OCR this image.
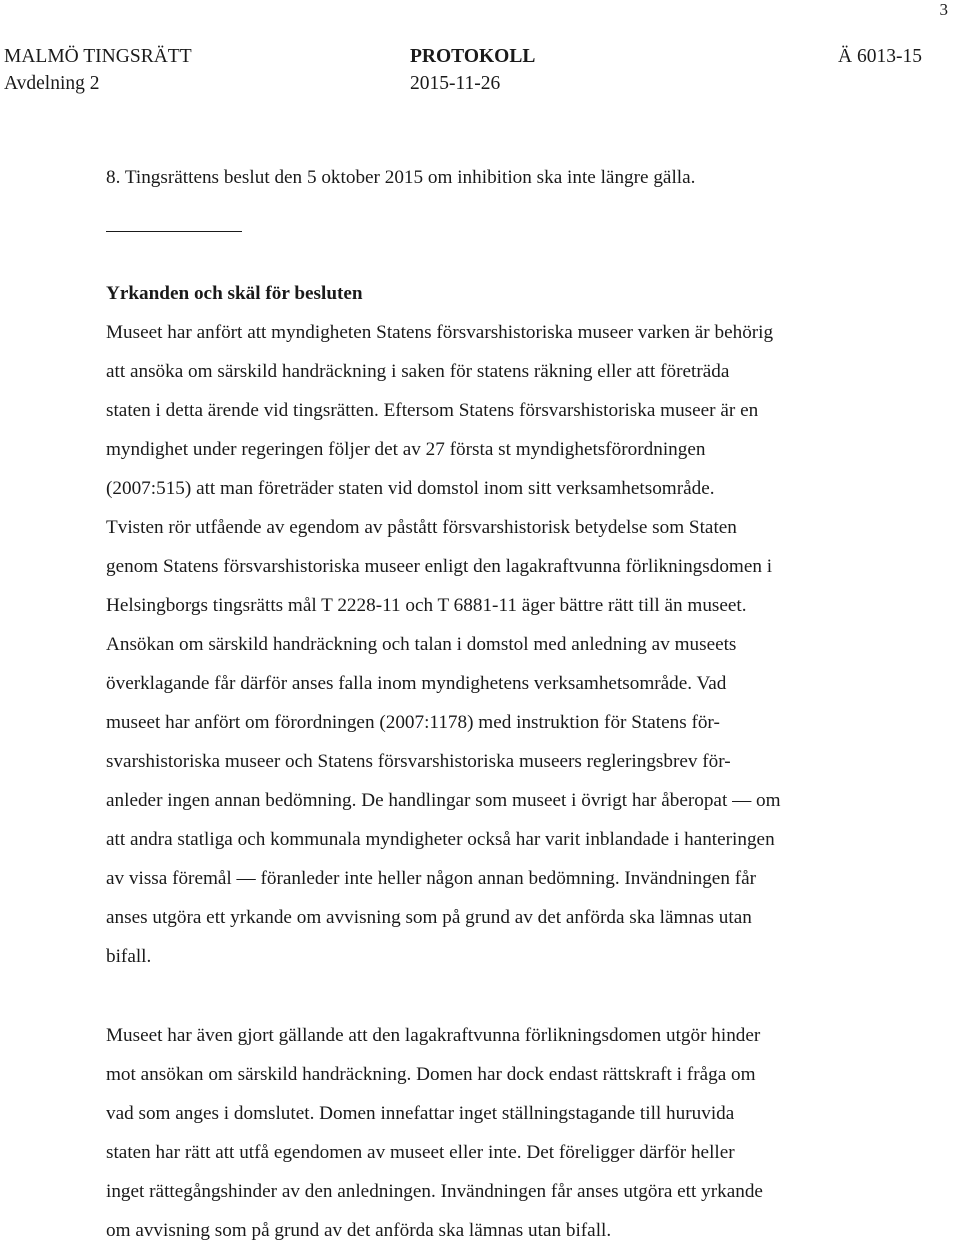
3
MALMÖ TINGSRÄTT	PROTOKOLL	Ä 6013-15
Avdelning 2	2015-11-26
8. Tingsrättens beslut den 5 oktober 2015 om inhibition ska inte längre gälla.
Yrkanden och skäl för besluten
Museet har anfört att myndigheten Statens försvarshistoriska museer varken är behörig
att ansöka om särskild handräckning i saken för statens räkning eller att företräda
staten i detta ärende vid tingsrätten. Eftersom Statens försvarshistoriska museer är en
myndighet under regeringen följer det av 27 första st myndighetsförordningen
(2007:515) att man företräder staten vid domstol inom sitt verksamhetsområde.
Tvisten rör utfående av egendom av påstått försvarshistorisk betydelse som Staten
genom Statens försvarshistoriska museer enligt den lagakraftvunna förlikningsdomen i
Helsingborgs tingsrätts mål T 2228-11 och T 6881-11 äger bättre rätt till än museet.
Ansökan om särskild handräckning och talan i domstol med anledning av museets
överklagande får därför anses falla inom myndighetens verksamhetsområde. Vad
museet har anfört om förordningen (2007:1178) med instruktion för Statens för-
svarshistoriska museer och Statens försvarshistoriska museers regleringsbrev för-
anleder ingen annan bedömning. De handlingar som museet i övrigt har åberopat — om
att andra statliga och kommunala myndigheter också har varit inblandade i hanteringen
av vissa föremål — föranleder inte heller någon annan bedömning. Invändningen får
anses utgöra ett yrkande om avvisning som på grund av det anförda ska lämnas utan
bifall.
Museet har även gjort gällande att den lagakraftvunna förlikningsdomen utgör hinder
mot ansökan om särskild handräckning. Domen har dock endast rättskraft i fråga om
vad som anges i domslutet. Domen innefattar inget ställningstagande till huruvida
staten har rätt att utfå egendomen av museet eller inte. Det föreligger därför heller
inget rättegångshinder av den anledningen. Invändningen får anses utgöra ett yrkande
om avvisning som på grund av det anförda ska lämnas utan bifall.
